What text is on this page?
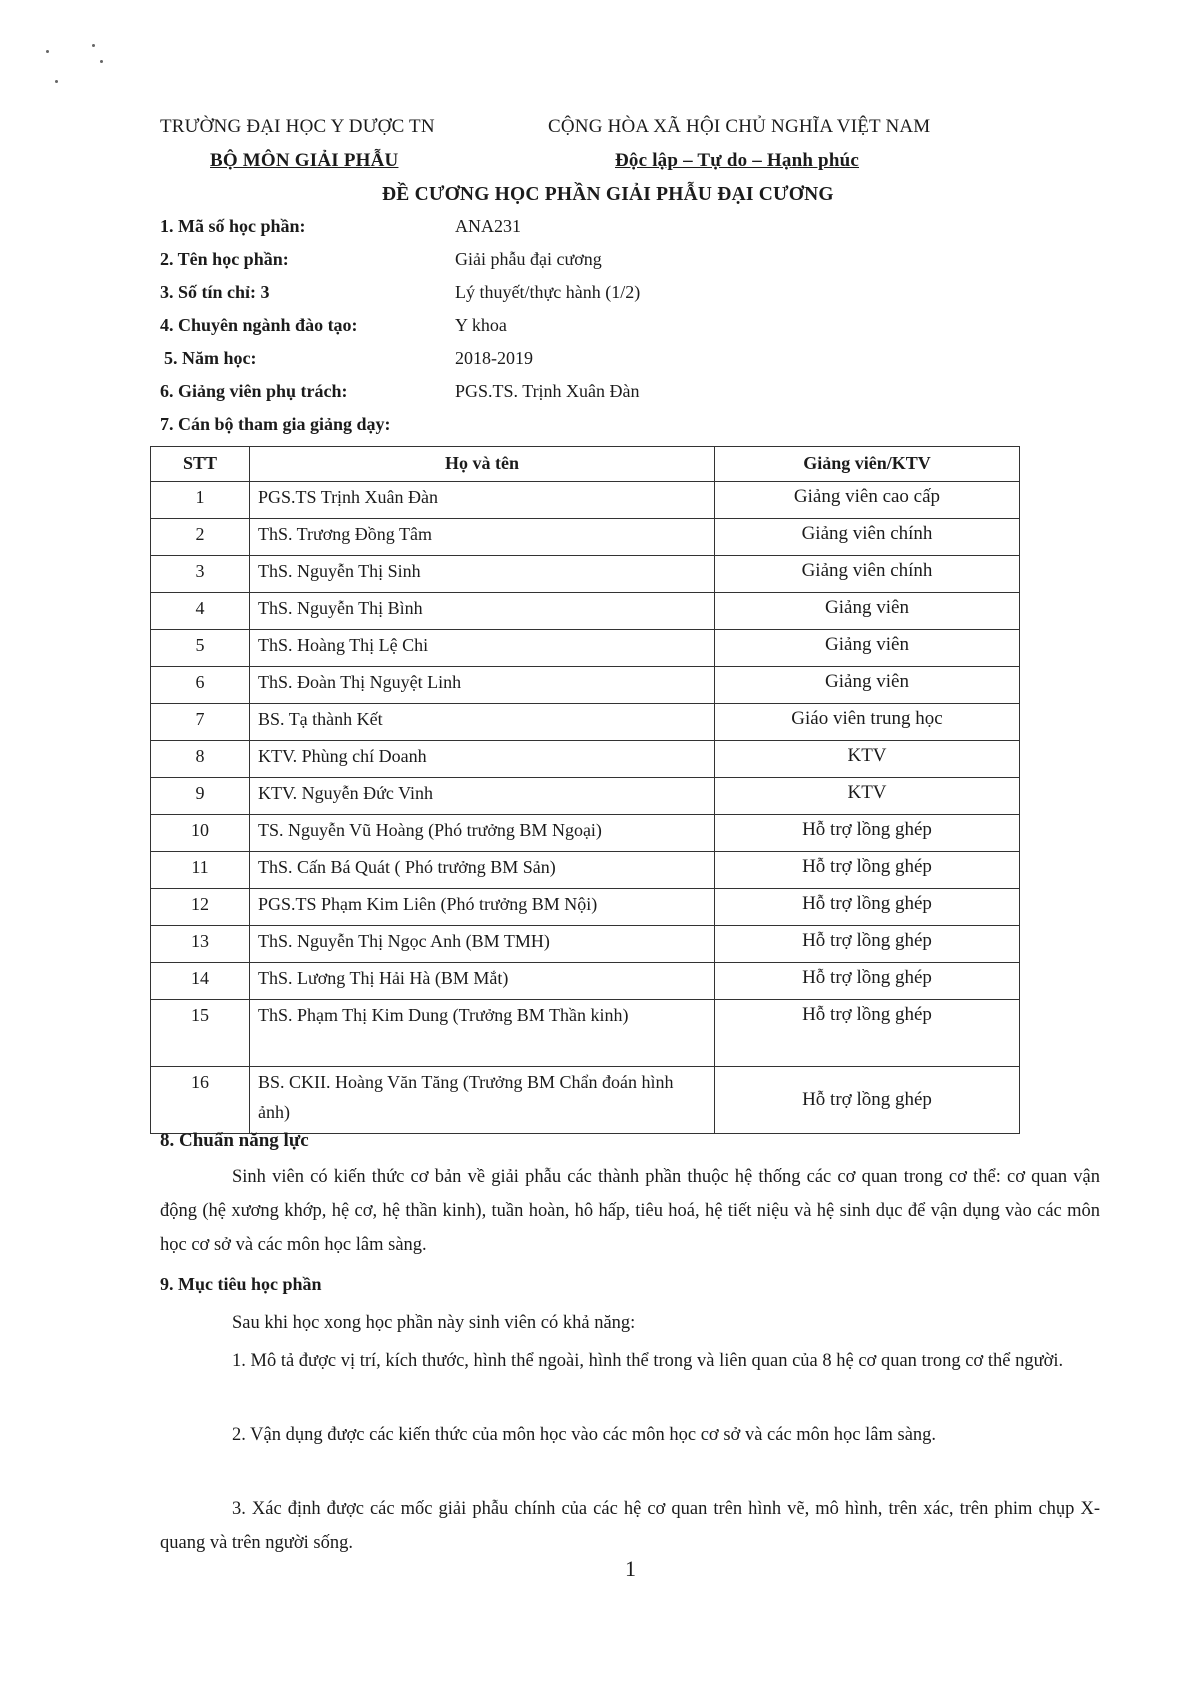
TRƯỜNG ĐẠI HỌC Y DƯỢC TN
BỘ MÔN GIẢI PHẪU
CỘNG HÒA XÃ HỘI CHỦ NGHĨA VIỆT NAM
Độc lập – Tự do – Hạnh phúc
ĐỀ CƯƠNG HỌC PHẦN GIẢI PHẪU ĐẠI CƯƠNG
1. Mã số học phần:	ANA231
2. Tên học phần:	Giải phẫu đại cương
3. Số tín chỉ: 3	Lý thuyết/thực hành (1/2)
4. Chuyên ngành đào tạo:	Y khoa
5. Năm học:	2018-2019
6. Giảng viên phụ trách:	PGS.TS. Trịnh Xuân Đàn
7. Cán bộ tham gia giảng dạy:
STT	Họ và tên	Giảng viên/KTV
1	PGS.TS Trịnh Xuân Đàn	Giảng viên cao cấp
2	ThS. Trương Đồng Tâm	Giảng viên chính
3	ThS. Nguyễn Thị Sinh	Giảng viên chính
4	ThS. Nguyễn Thị Bình	Giảng viên
5	ThS. Hoàng Thị Lệ Chi	Giảng viên
6	ThS. Đoàn Thị Nguyệt Linh	Giảng viên
7	BS. Tạ thành Kết	Giáo viên trung học
8	KTV. Phùng chí Doanh	KTV
9	KTV. Nguyễn Đức Vinh	KTV
10	TS. Nguyễn Vũ Hoàng (Phó trưởng BM Ngoại)	Hỗ trợ lồng ghép
11	ThS. Cấn Bá Quát ( Phó trưởng BM Sản)	Hỗ trợ lồng ghép
12	PGS.TS Phạm Kim Liên (Phó trưởng BM Nội)	Hỗ trợ lồng ghép
13	ThS. Nguyễn Thị Ngọc Anh (BM TMH)	Hỗ trợ lồng ghép
14	ThS. Lương Thị Hải Hà (BM Mắt)	Hỗ trợ lồng ghép
15	ThS. Phạm Thị Kim Dung (Trưởng BM Thần kinh)	Hỗ trợ lồng ghép
16	BS. CKII. Hoàng Văn Tăng (Trưởng BM Chẩn đoán hình ảnh)	Hỗ trợ lồng ghép
8. Chuẩn năng lực
Sinh viên có kiến thức cơ bản về giải phẫu các thành phần thuộc hệ thống các cơ quan trong cơ thể: cơ quan vận động (hệ xương khớp, hệ cơ, hệ thần kinh), tuần hoàn, hô hấp, tiêu hoá, hệ tiết niệu và hệ sinh dục để vận dụng vào các môn học cơ sở và các môn học lâm sàng.
9. Mục tiêu học phần
Sau khi học xong học phần này sinh viên có khả năng:
1. Mô tả được vị trí, kích thước, hình thể ngoài, hình thể trong và liên quan của 8 hệ cơ quan trong cơ thể người.
2. Vận dụng được các kiến thức của môn học vào các môn học cơ sở và các môn học lâm sàng.
3. Xác định được các mốc giải phẫu chính của các hệ cơ quan trên hình vẽ, mô hình, trên xác, trên phim chụp X-quang và trên người sống.
1
